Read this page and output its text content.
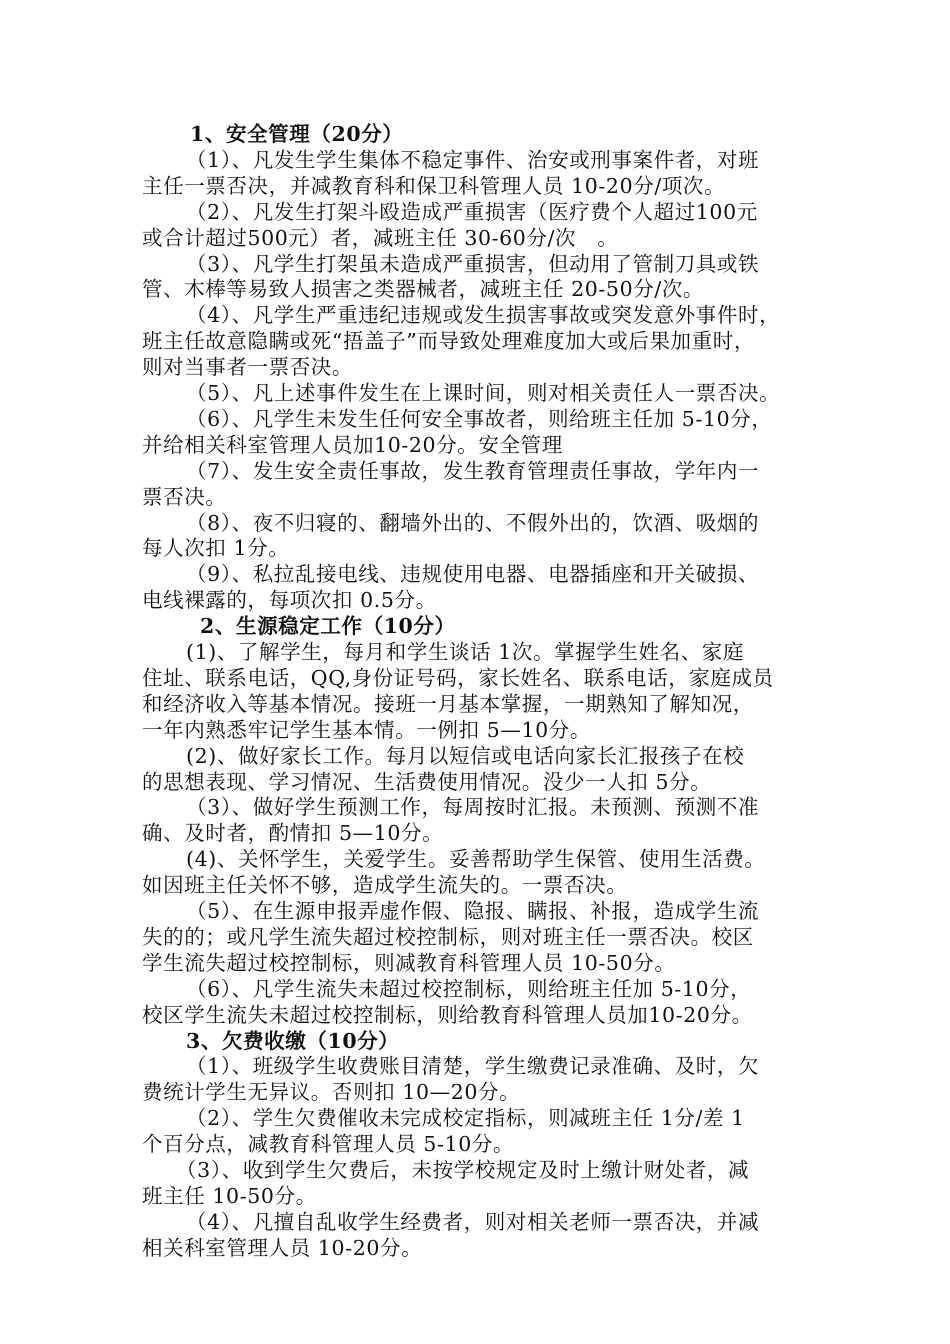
1、安全管理（20分）

（1）、凡发生学生集体不稳定事件、治安或刑事案件者，对班

主任一票否决，并减教育科和保卫科管理人员 10-20分/项次。

（2）、凡发生打架斗殴造成严重损害（医疗费个人超过100元

或合计超过500元）者，减班主任 30-60分/次　。

（3）、凡学生打架虽未造成严重损害，但动用了管制刀具或铁

管、木棒等易致人损害之类器械者，减班主任 20-50分/次。

（4）、凡学生严重违纪违规或发生损害事故或突发意外事件时，

班主任故意隐瞒或死“捂盖子”而导致处理难度加大或后果加重时，

则对当事者一票否决。

（5）、凡上述事件发生在上课时间，则对相关责任人一票否决。

（6）、凡学生未发生任何安全事故者，则给班主任加 5-10分，

并给相关科室管理人员加10-20分。安全管理

（7）、发生安全责任事故，发生教育管理责任事故，学年内一

票否决。

（8）、夜不归寝的、翻墙外出的、不假外出的，饮酒、吸烟的

每人次扣 1分。

（9）、私拉乱接电线、违规使用电器、电器插座和开关破损、

电线裸露的，每项次扣 0.5分。

2、生源稳定工作（10分）

(1)、了解学生，每月和学生谈话 1次。掌握学生姓名、家庭

住址、联系电话，QQ,身份证号码，家长姓名、联系电话，家庭成员

和经济收入等基本情况。接班一月基本掌握，一期熟知了解知况，

一年内熟悉牢记学生基本情。一例扣 5—10分。

(2)、做好家长工作。每月以短信或电话向家长汇报孩子在校

的思想表现、学习情况、生活费使用情况。没少一人扣 5分。

（3）、做好学生预测工作，每周按时汇报。未预测、预测不准

确、及时者，酌情扣 5—10分。

(4)、关怀学生，关爱学生。妥善帮助学生保管、使用生活费。

如因班主任关怀不够，造成学生流失的。一票否决。

（5）、在生源申报弄虚作假、隐报、瞒报、补报，造成学生流

失的的；或凡学生流失超过校控制标，则对班主任一票否决。校区

学生流失超过校控制标，则减教育科管理人员 10-50分。

（6）、凡学生流失未超过校控制标，则给班主任加 5-10分，

校区学生流失未超过校控制标，则给教育科管理人员加10-20分。

3、欠费收缴（10分）

（1）、班级学生收费账目清楚，学生缴费记录准确、及时，欠

费统计学生无异议。否则扣 10—20分。

（2）、学生欠费催收未完成校定指标，则减班主任 1分/差 1

个百分点，减教育科管理人员 5-10分。

（3）、收到学生欠费后，未按学校规定及时上缴计财处者，减

班主任 10-50分。

（4）、凡擅自乱收学生经费者，则对相关老师一票否决，并减

相关科室管理人员 10-20分。
